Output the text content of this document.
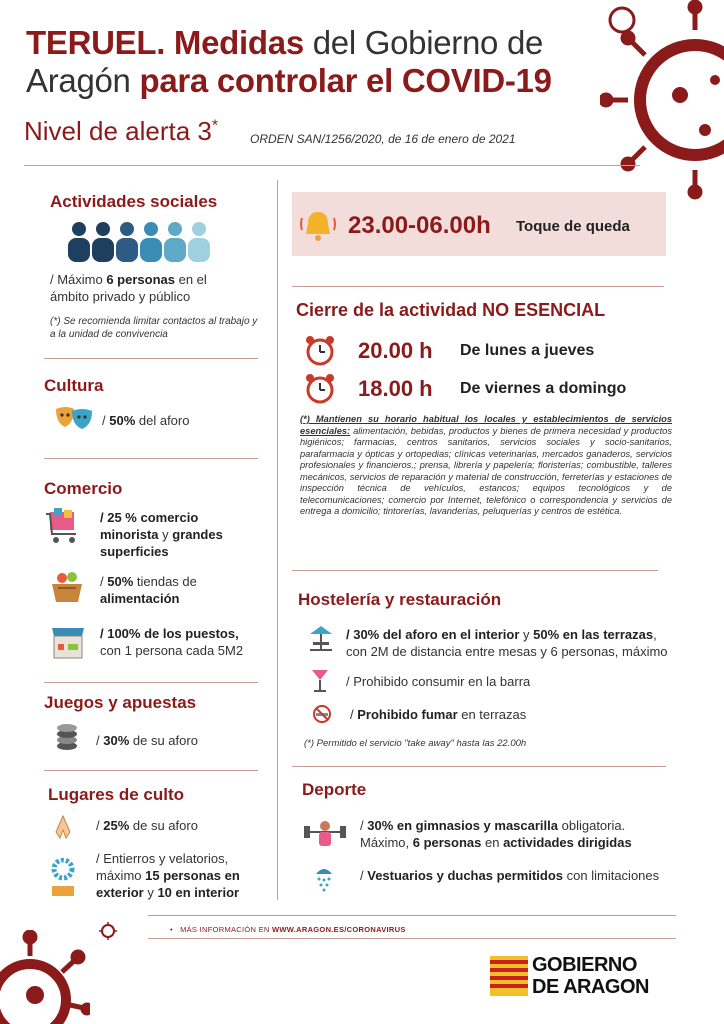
TERUEL. Medidas del Gobierno de
Aragón para controlar el COVID-19
Nivel de alerta 3*
ORDEN SAN/1256/2020, de 16 de enero de 2021
Actividades sociales
/ Máximo 6 personas en el
ámbito privado y público
(*) Se recomienda limitar contactos al trabajo y a la unidad de convivencia
Cultura
/ 50% del aforo
Comercio
/ 25 % comercio
minorista y grandes
superficies
/ 50% tiendas de
alimentación
/ 100% de los puestos,
con 1 persona cada 5M2
Juegos y apuestas
/ 30% de su aforo
Lugares de culto
/ 25% de su aforo
/ Entierros y velatorios,
máximo 15 personas en
exterior y 10 en interior
23.00-06.00h Toque de queda
Cierre de la actividad NO ESENCIAL
20.00 h De lunes a jueves
18.00 h De viernes a domingo
(*) Mantienen su horario habitual los locales y establecimientos de servicios esenciales: alimentación, bebidas, productos y bienes de primera necesidad y productos higiénicos; farmacias, centros sanitarios, servicios sociales y socio-sanitarios, parafarmacia y ópticas y ortopedias; clínicas veterinarias, mercados ganaderos, servicios profesionales y financieros.; prensa, librería y papelería; floristerías; combustible, talleres mecánicos, servicios de reparación y material de construcción, ferreterías y estaciones de inspección técnica de vehículos, estancos; equipos tecnológicos y de telecomunicaciones; comercio por Internet, telefónico o correspondencia y servicios de entrega a domicilio; tintorerías, lavanderías, peluquerías y centros de estética.
Hostelería y restauración
/ 30% del aforo en el interior y 50% en las terrazas,
con 2M de distancia entre mesas y 6 personas, máximo
/ Prohibido consumir en la barra
/ Prohibido fumar en terrazas
(*) Permitido el servicio "take away" hasta las 22.00h
Deporte
/ 30% en gimnasios y mascarilla obligatoria.
Máximo, 6 personas en actividades dirigidas
/ Vestuarios y duchas permitidos con limitaciones
•   MÁS INFORMACIÓN EN WWW.ARAGON.ES/CORONAVIRUS
GOBIERNO
DE ARAGON
